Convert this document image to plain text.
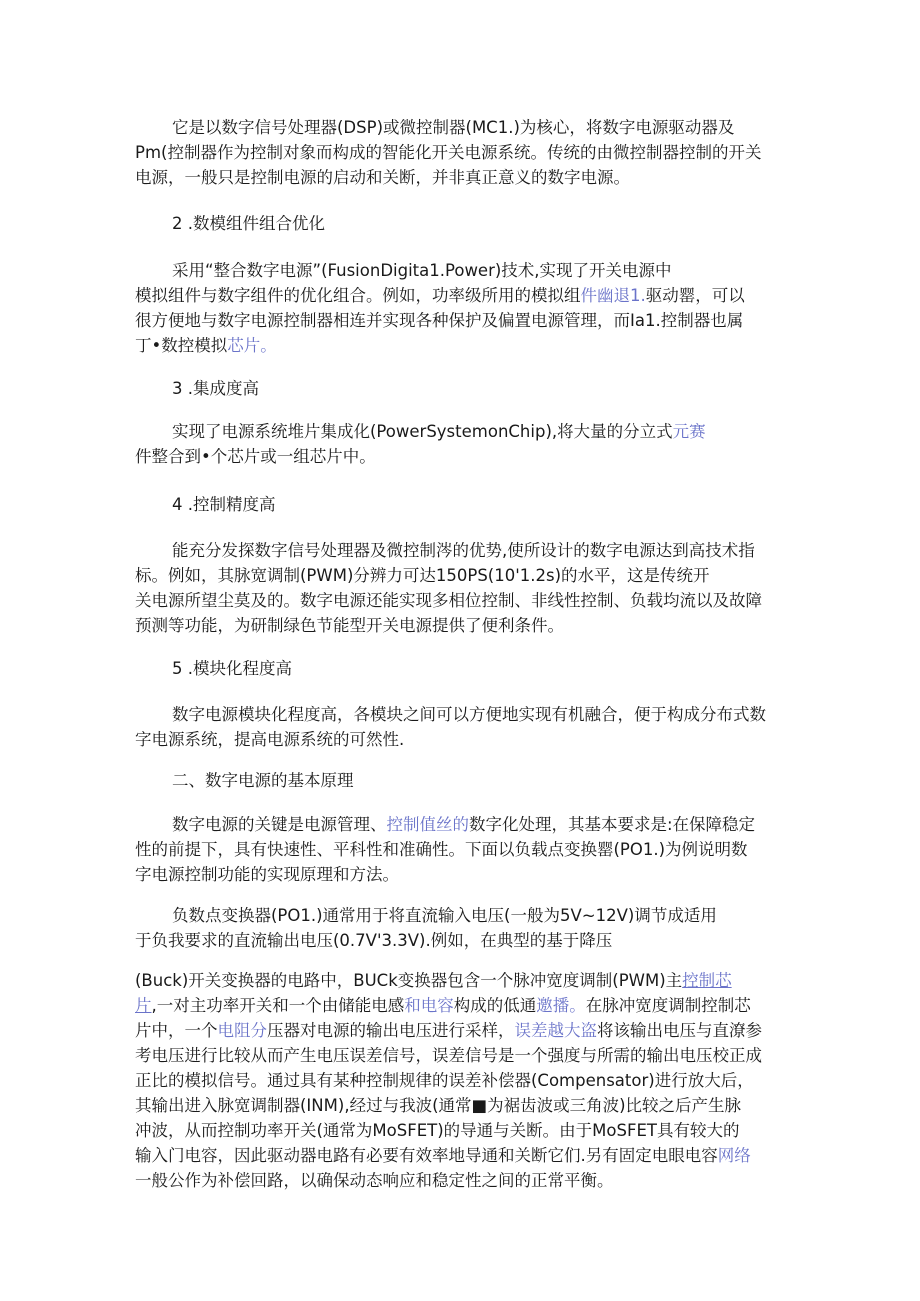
它是以数字信号处理器(DSP)或微控制器(MC1.)为核心，将数字电源驱动器及
Pm(控制器作为控制对象而构成的智能化开关电源系统。传统的由微控制器控制的开关
电源，一般只是控制电源的启动和关断，并非真正意义的数字电源。
2 .数模组件组合优化
采用“整合数字电源”(FusionDigita1.Power)技术,实现了开关电源中
模拟组件与数字组件的优化组合。例如，功率级所用的模拟组件幽退1.驱动罂，可以
很方便地与数字电源控制器相连并实现各种保护及偏置电源管理，而Ia1.控制器也属
丁•数控模拟芯片。
3 .集成度高
实现了电源系统堆片集成化(PowerSystemonChip),将大量的分立式元赛
件整合到•个芯片或一组芯片中。
4 .控制精度高
能充分发探数字信号处理器及微控制涔的优势,使所设计的数字电源达到高技术指
标。例如，其脉宽调制(PWM)分辨力可达150PS(10'1.2s)的水平，这是传统开
关电源所望尘莫及的。数字电源还能实现多相位控制、非线性控制、负载均流以及故障
预测等功能，为研制绿色节能型开关电源提供了便利条件。
5 .模块化程度高
数字电源模块化程度高，各模块之间可以方便地实现有机融合，便于构成分布式数
字电源系统，提高电源系统的可然性.
二、数字电源的基本原理
数字电源的关键是电源管理、控制值丝的数字化处理，其基本要求是:在保障稳定
性的前提下，具有快速性、平科性和准确性。下面以负载点变换罂(PO1.)为例说明数
字电源控制功能的实现原理和方法。
负数点变换器(PO1.)通常用于将直流输入电压(一般为5V~12V)调节成适用
于负我要求的直流输出电压(0.7V'3.3V).例如，在典型的基于降压
(Buck)开关变换器的电路中，BUCk变换器包含一个脉冲宽度调制(PWM)主控制芯
片,一对主功率开关和一个由储能电感和电容构成的低通邀播。在脉冲宽度调制控制芯
片中，一个电阻分压器对电源的输出电压进行采样，误差越大盗将该输出电压与直潦参
考电压进行比较从而产生电压误差信号，误差信号是一个强度与所需的输出电压校正成
正比的模拟信号。通过具有某种控制规律的误差补偿器(Compensator)进行放大后，
其输出进入脉宽调制器(INM),经过与我波(通常■为裾齿波或三角波)比较之后产生脉
冲波，从而控制功率开关(通常为MoSFET)的导通与关断。由于MoSFET具有较大的
输入门电容，因此驱动器电路有必要有效率地导通和关断它们.另有固定电眼电容网络
一般公作为补偿回路，以确保动态响应和稳定性之间的正常平衡。
